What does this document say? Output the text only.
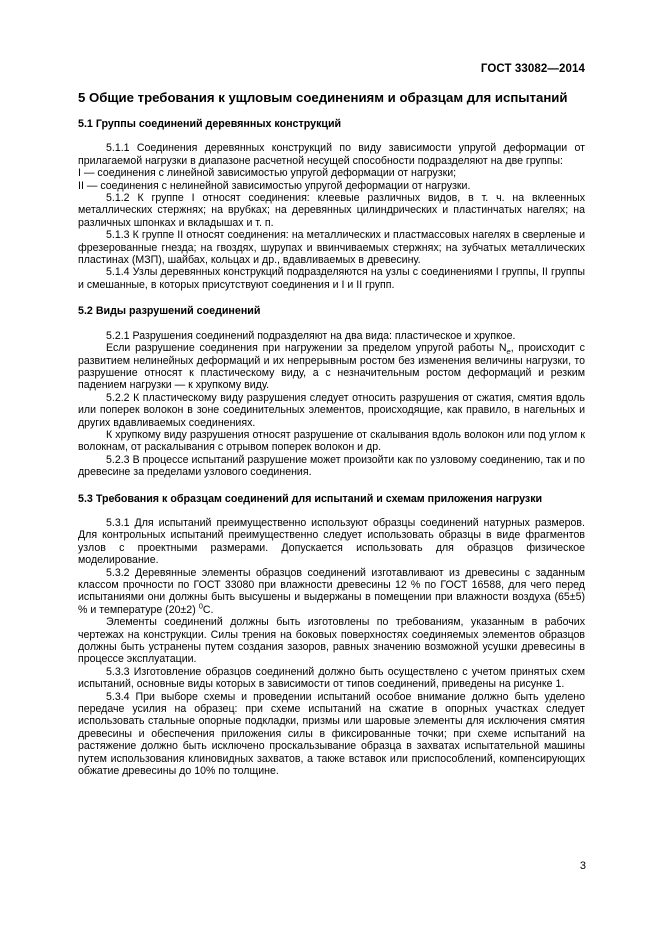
ГОСТ 33082—2014
5 Общие требования к ущловым соединениям и образцам для испытаний
5.1 Группы соединений деревянных конструкций

5.1.1 Соединения деревянных конструкций по виду зависимости упругой деформации от прилагаемой нагрузки в диапазоне расчетной несущей способности подразделяют на две группы:

I — соединения с линейной зависимостью упругой деформации от нагрузки;

II — соединения с нелинейной зависимостью упругой деформации от нагрузки.

5.1.2 К группе I относят соединения: клеевые различных видов, в т. ч. на вклеенных металлических стержнях; на врубках; на деревянных цилиндрических и пластинчатых нагелях; на различных шпонках и вкладышах и т. п.

5.1.3 К группе II относят соединения: на металлических и пластмассовых нагелях в сверленые и фрезерованные гнезда; на гвоздях, шурупах и ввинчиваемых стержнях; на зубчатых металлических пластинах (МЗП), шайбах, кольцах и др., вдавливаемых в древесину.

5.1.4 Узлы деревянных конструкций подразделяются на узлы с соединениями I группы, II группы и смешанные, в которых присутствуют соединения и I и II групп.

5.2 Виды разрушений соединений

5.2.1 Разрушения соединений подразделяют на два вида: пластическое и хрупкое.

Если разрушение соединения при нагружении за пределом упругой работы $N_e$, происходит с развитием нелинейных деформаций и их непрерывным ростом без изменения величины нагрузки, то разрушение относят к пластическому виду, а с незначительным ростом деформаций и резким падением нагрузки — к хрупкому виду.

5.2.2 К пластическому виду разрушения следует относить разрушения от сжатия, смятия вдоль или поперек волокон в зоне соединительных элементов, происходящие, как правило, в нагельных и других вдавливаемых соединениях.

К хрупкому виду разрушения относят разрушение от скалывания вдоль волокон или под углом к волокнам, от раскалывания с отрывом поперек волокон и др.

5.2.3 В процессе испытаний разрушение может произойти как по узловому соединению, так и по древесине за пределами узлового соединения.

5.3 Требования к образцам соединений для испытаний и схемам приложения нагрузки

5.3.1 Для испытаний преимущественно используют образцы соединений натурных размеров. Для контрольных испытаний преимущественно следует использовать образцы в виде фрагментов узлов с проектными размерами. Допускается использовать для образцов физическое моделирование.

5.3.2 Деревянные элементы образцов соединений изготавливают из древесины с заданным классом прочности по ГОСТ 33080 при влажности древесины 12 % по ГОСТ 16588, для чего перед испытаниями они должны быть высушены и выдержаны в помещении при влажности воздуха (65±5) % и температуре (20±2) $^0$С.

Элементы соединений должны быть изготовлены по требованиям, указанным в рабочих чертежах на конструкции. Силы трения на боковых поверхностях соединяемых элементов образцов должны быть устранены путем создания зазоров, равных значению возможной усушки древесины в процессе эксплуатации.

5.3.3 Изготовление образцов соединений должно быть осуществлено с учетом принятых схем испытаний, основные виды которых в зависимости от типов соединений, приведены на рисунке 1.

5.3.4 При выборе схемы и проведении испытаний особое внимание должно быть уделено передаче усилия на образец: при схеме испытаний на сжатие в опорных участках следует использовать стальные опорные подкладки, призмы или шаровые элементы для исключения смятия древесины и обеспечения приложения силы в фиксированные точки; при схеме испытаний на растяжение должно быть исключено проскальзывание образца в захватах испытательной машины путем использования клиновидных захватов, а также вставок или приспособлений, компенсирующих обжатие древесины до 10% по толщине.

3
